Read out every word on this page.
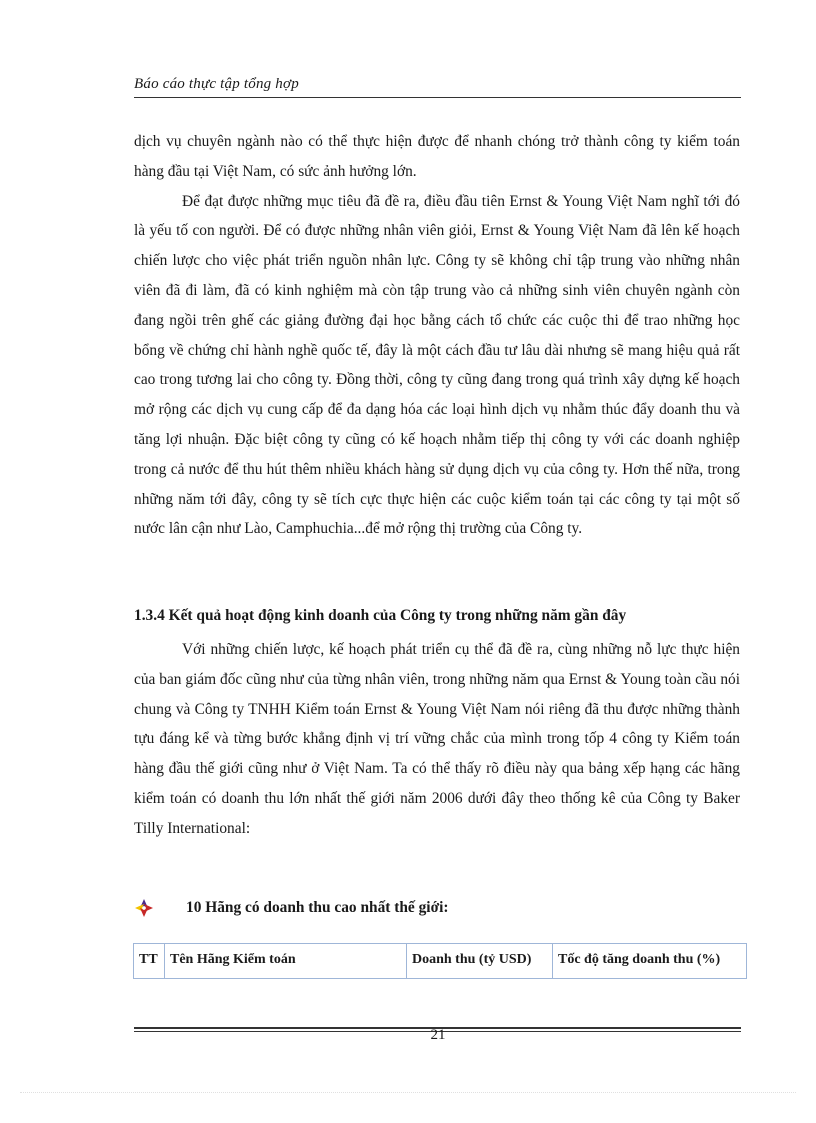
Báo cáo thực tập tổng hợp

dịch vụ chuyên ngành nào có thể thực hiện được để nhanh chóng trở thành công ty kiểm toán hàng đầu tại Việt Nam, có sức ảnh hưởng lớn.

Để đạt được những mục tiêu đã đề ra, điều đầu tiên Ernst & Young Việt Nam nghĩ tới đó là yếu tố con người. Để có được những nhân viên giỏi, Ernst & Young Việt Nam đã lên kế hoạch chiến lược cho việc phát triển nguồn nhân lực. Công ty sẽ không chỉ tập trung vào những nhân viên đã đi làm, đã có kinh nghiệm mà còn tập trung vào cả những sinh viên chuyên ngành còn đang ngồi trên ghế các giảng đường đại học bằng cách tổ chức các cuộc thi để trao những học bổng về chứng chỉ hành nghề quốc tế, đây là một cách đầu tư lâu dài nhưng sẽ mang hiệu quả rất cao trong tương lai cho công ty. Đồng thời, công ty cũng đang trong quá trình xây dựng kế hoạch mở rộng các dịch vụ cung cấp để đa dạng hóa các loại hình dịch vụ nhằm thúc đẩy doanh thu và tăng lợi nhuận. Đặc biệt công ty cũng có kế hoạch nhằm tiếp thị công ty với các doanh nghiệp trong cả nước để thu hút thêm nhiều khách hàng sử dụng dịch vụ của công ty. Hơn thế nữa, trong những năm tới đây, công ty sẽ tích cực thực hiện các cuộc kiểm toán tại các công ty tại một số nước lân cận như Lào, Camphuchia...để mở rộng thị trường của Công ty.

1.3.4 Kết quả hoạt động kinh doanh của Công ty trong những năm gần đây

Với những chiến lược, kế hoạch phát triển cụ thể đã đề ra, cùng những nỗ lực thực hiện của ban giám đốc cũng như của từng nhân viên, trong những năm qua Ernst & Young toàn cầu nói chung và Công ty TNHH Kiểm toán Ernst & Young Việt Nam nói riêng đã thu được những thành tựu đáng kể và từng bước khẳng định vị trí vững chắc của mình trong tốp 4 công ty Kiểm toán hàng đầu thế giới cũng như ở Việt Nam. Ta có thể thấy rõ điều này qua bảng xếp hạng các hãng kiểm toán có doanh thu lớn nhất thế giới năm 2006 dưới đây theo thống kê của Công ty Baker Tilly International:

10 Hãng có doanh thu cao nhất thế giới:
TT Tên Hãng Kiểm toán	Doanh thu (tỷ USD)	Tốc độ tăng doanh thu (%)
21
